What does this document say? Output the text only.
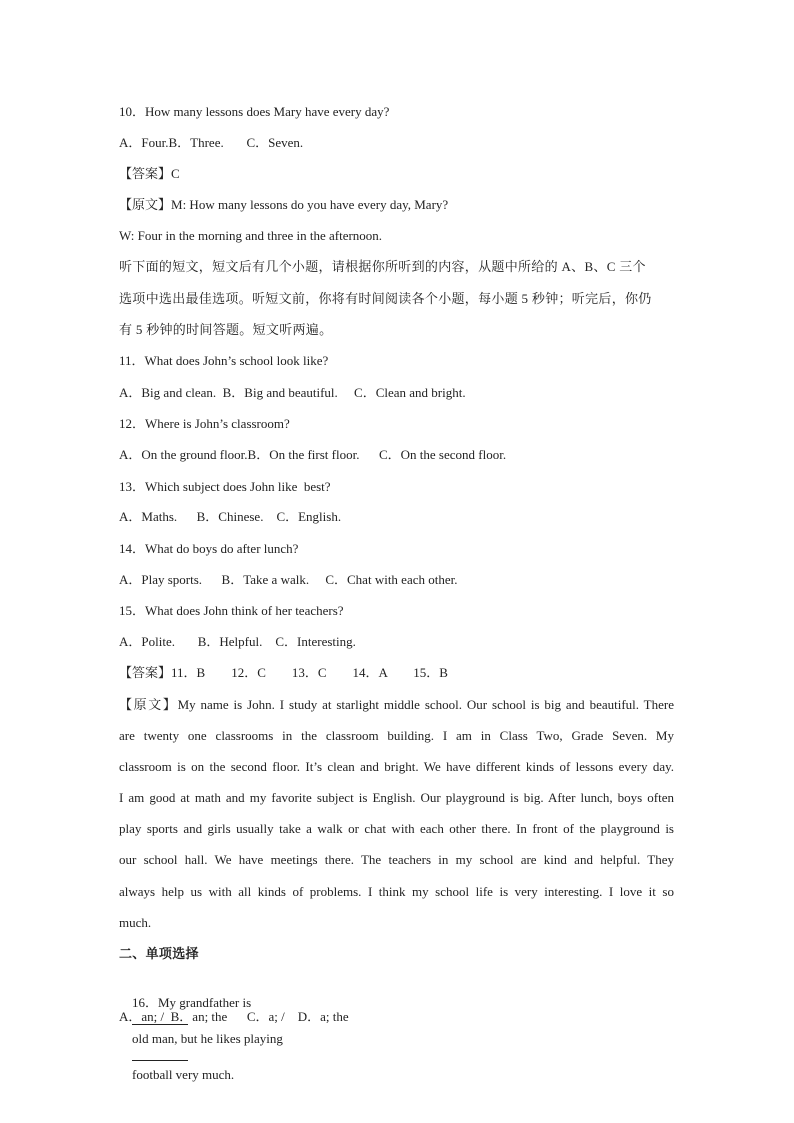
10．How many lessons does Mary have every day?
A．Four.B．Three.       C．Seven.
【答案】C
【原文】M: How many lessons do you have every day, Mary?
W: Four in the morning and three in the afternoon.
听下面的短文，短文后有几个小题，请根据你所听到的内容，从题中所给的 A、B、C 三个
选项中选出最佳选项。听短文前，你将有时间阅读各个小题，每小题 5 秒钟；听完后，你仍
有 5 秒钟的时间答题。短文听两遍。
11．What does John’s school look like?
A．Big and clean.  B．Big and beautiful.     C．Clean and bright.
12．Where is John’s classroom?
A．On the ground floor.B．On the first floor.      C．On the second floor.
13．Which subject does John like  best?
A．Maths.      B．Chinese.    C．English.
14．What do boys do after lunch?
A．Play sports.      B．Take a walk.     C．Chat with each other.
15．What does John think of her teachers?
A．Polite.       B．Helpful.    C．Interesting.
【答案】11．B        12．C        13．C        14．A        15．B
【原文】My name is John. I study at starlight middle school. Our school is big and beautiful. There
are twenty one classrooms in the classroom building. I am in Class Two, Grade Seven. My
classroom is on the second floor. It’s clean and bright. We have different kinds of lessons every day.
I am good at math and my favorite subject is English. Our playground is big. After lunch, boys often
play sports and girls usually take a walk or chat with each other there. In front of the playground is
our school hall. We have meetings there. The teachers in my school are kind and helpful. They
always help us with all kinds of problems. I think my school life is very interesting. I love it so
much.
二、单项选择

16．My grandfather is

old man, but he likes playing

football very much.

A．an; /  B．an; the      C．a; /    D．a; the
